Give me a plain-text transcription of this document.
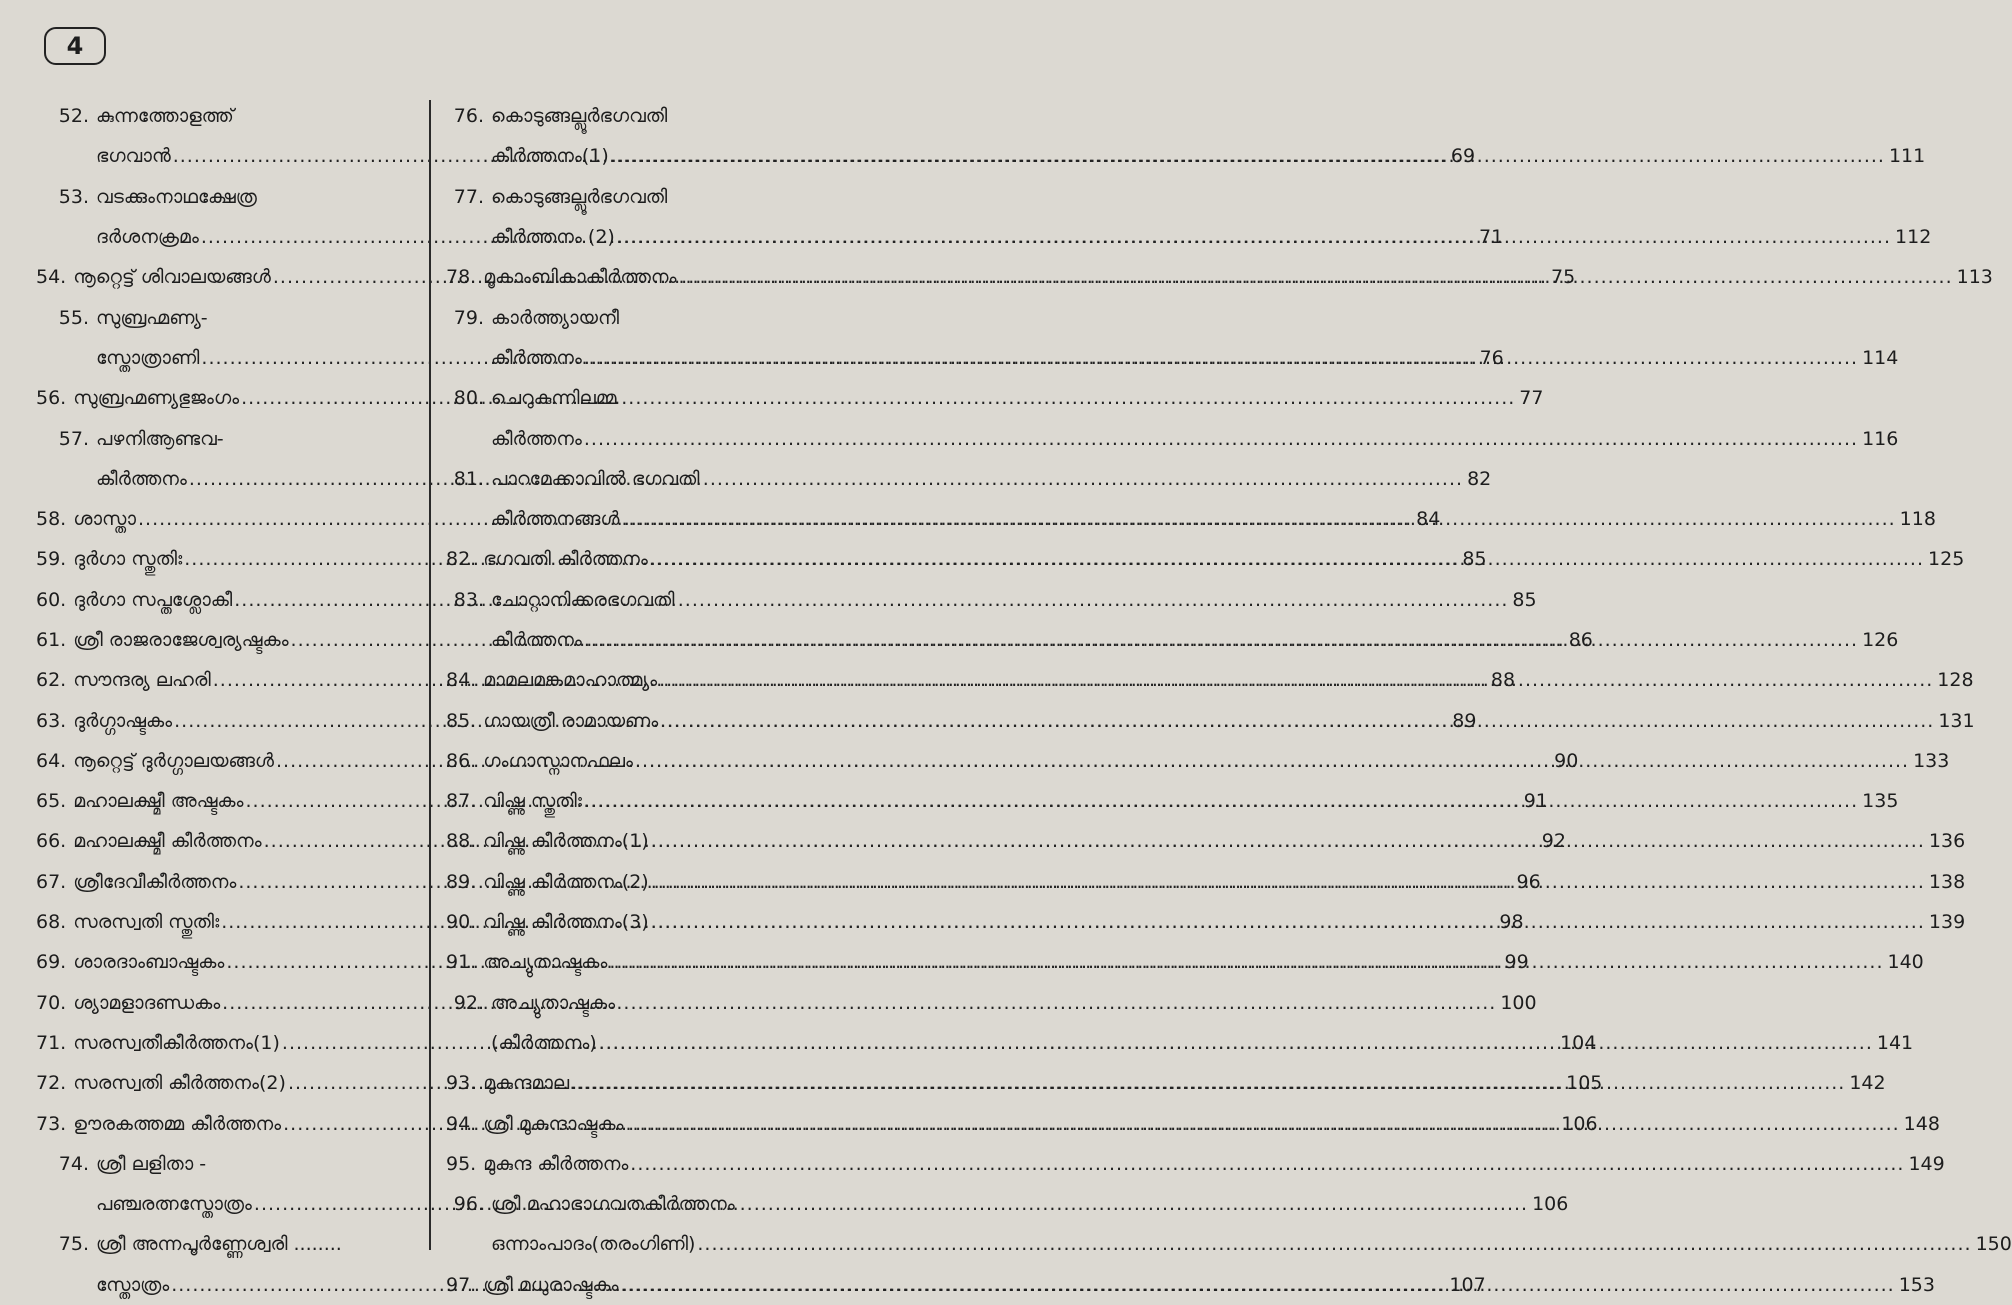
4
52. കുന്നത്തോളത്ത്
ഭഗവാൻ .....	69
53. വടക്കുംനാഥക്ഷേത്ര
ദർശനക്രമം .....	71
54. നൂറ്റെട്ട് ശിവാലയങ്ങൾ .....	75
55. സുബ്രഹ്മണ്യ-
സ്തോത്രാണി .....	76
56. സുബ്രഹ്മണ്യഭുജംഗം .....	77
57. പഴനിആണ്ടവ-
കീർത്തനം .....	82
58. ശാസ്താ .....	84
59. ദുർഗാ സ്തുതിഃ .....	85
60. ദുർഗാ സപ്തശ്ലോകീ .....	85
61. ശ്രീ രാജരാജേശ്വര്യഷ്ടകം .....	86
62. സൗന്ദര്യ ലഹരി .....	88
63. ദുർഗ്ഗാഷ്ടകം .....	89
64. നൂറ്റെട്ട് ദുർഗ്ഗാലയങ്ങൾ .....	90
65. മഹാലക്ഷ്മീ അഷ്ടകം .....	91
66. മഹാലക്ഷ്മീ കീർത്തനം .....	92
67. ശ്രീദേവീകീർത്തനം .....	96
68. സരസ്വതി സ്തുതിഃ .....	98
69. ശാരദാംബാഷ്ടകം .....	99
70. ശ്യാമളാദണ്ഡകം .....	100
71. സരസ്വതീകീർത്തനം(1) .....	104
72. സരസ്വതി കീർത്തനം(2) .....	105
73. ഊരകത്തമ്മ കീർത്തനം .....	106
74. ശ്രീ ലളിതാ -
പഞ്ചരത്നസ്തോത്രം .....	106
75. ശ്രീ അന്നപൂർണ്ണേശ്വരി ........
സ്തോത്രം .....	107
76. കൊടുങ്ങല്ലൂർഭഗവതി
കീർത്തനം(1) .....	111
77. കൊടുങ്ങല്ലൂർഭഗവതി
കീർത്തനം (2) .....	112
78. മൂകാംബികാകീർത്തനം .....	113
79. കാർത്ത്യായനീ
കീർത്തനം .....	114
80. ചെറുകുന്നിലമ്മ
കീർത്തനം .....	116
81. പാറമേക്കാവിൽ ഭഗവതി
കീർത്തനങ്ങൾ .....	118
82. ഭഗവതി കീർത്തനം .....	125
83. ചോറ്റാനിക്കരഭഗവതി
കീർത്തനം .....	126
84. മാമലമങ്കമാഹാത്മ്യം .....	128
85. ഗായത്രീ രാമായണം .....	131
86. ഗംഗാസ്നാനഫലം .....	133
87. വിഷ്ണു സ്തുതിഃ .....	135
88. വിഷ്ണു കീർത്തനം(1) .....	136
89. വിഷ്ണു കീർത്തനം(2) .....	138
90. വിഷ്ണു കീർത്തനം(3) .....	139
91. അച്യുതാഷ്ടകം .....	140
92. അച്യുതാഷ്ടകം
(കീർത്തനം) .....	141
93. മുകുന്ദമാല .....	142
94. ശ്രീ മുകുന്ദാഷ്ടകം .....	148
95. മുകുന്ദ കീർത്തനം .....	149
96. ശ്രീ മഹാഭാഗവതകീർത്തനം
ഒന്നാംപാദം(തരംഗിണി) .....	150
97. ശ്രീ മധുരാഷ്ടകം .....	153
